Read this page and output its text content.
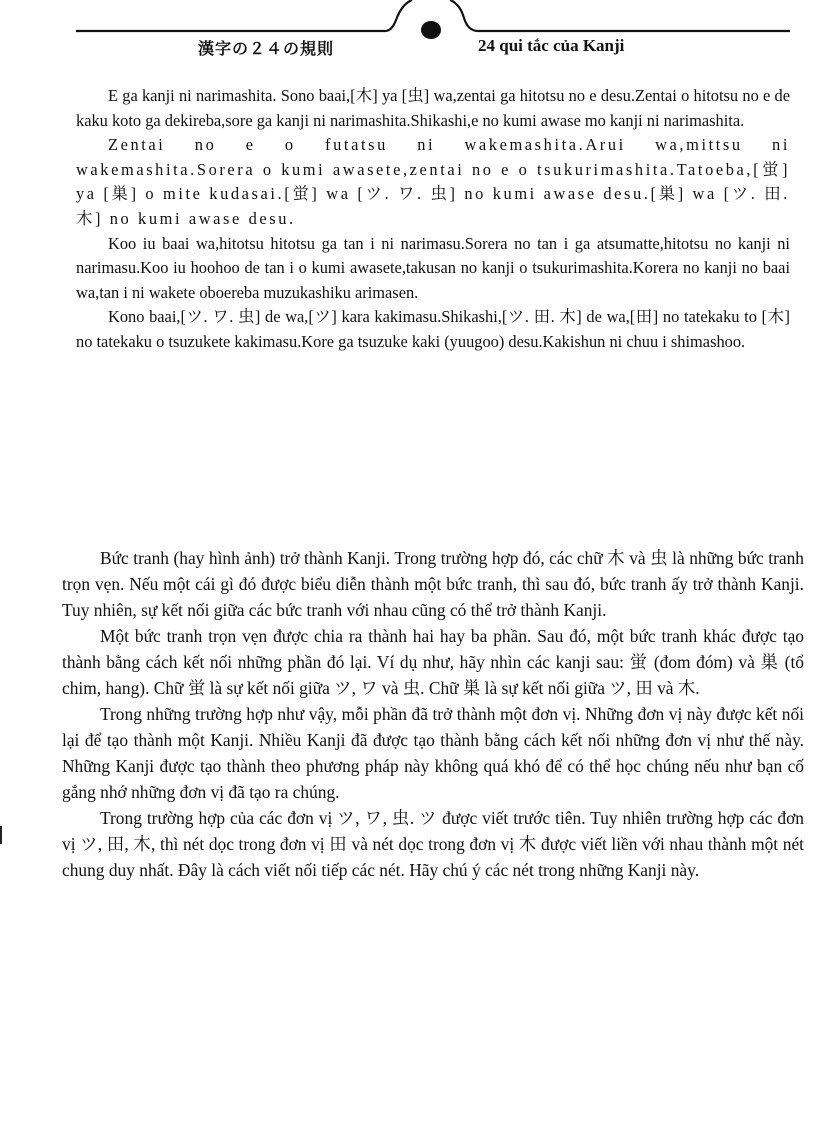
漢字の２４の規則	24 qui tắc của Kanji

E ga kanji ni narimashita. Sono baai,[木] ya [虫] wa,zentai ga hitotsu no e desu.Zentai o hitotsu no e de kaku koto ga dekireba,sore ga kanji ni narimashita.Shikashi,e no kumi awase mo kanji ni narimashita.

Zentai no e o futatsu ni wakemashita.Arui wa,mittsu ni wakemashita.Sorera o kumi awasete,zentai no e o tsukurimashita.Tatoeba,[蛍] ya [巣] o mite kudasai.[蛍] wa [ツ. ワ. 虫] no kumi awase desu.[巣] wa [ツ. 田. 木] no kumi awase desu.

Koo iu baai wa,hitotsu hitotsu ga tan i ni narimasu.Sorera no tan i ga atsumatte,hitotsu no kanji ni narimasu.Koo iu hoohoo de tan i o kumi awasete,takusan no kanji o tsukurimashita.Korera no kanji no baai wa,tan i ni wakete oboereba muzukashiku arimasen.

Kono baai,[ツ. ワ. 虫] de wa,[ツ] kara kakimasu.Shikashi,[ツ. 田. 木] de wa,[田] no tatekaku to [木] no tatekaku o tsuzukete kakimasu.Kore ga tsuzuke kaki (yuugoo) desu.Kakishun ni chuu i shimashoo.

Bức tranh (hay hình ảnh) trở thành Kanji. Trong trường hợp đó, các chữ 木 và 虫 là những bức tranh trọn vẹn. Nếu một cái gì đó được biểu diễn thành một bức tranh, thì sau đó, bức tranh ấy trở thành Kanji. Tuy nhiên, sự kết nối giữa các bức tranh với nhau cũng có thể trở thành Kanji.

Một bức tranh trọn vẹn được chia ra thành hai hay ba phần. Sau đó, một bức tranh khác được tạo thành bằng cách kết nối những phần đó lại. Ví dụ như, hãy nhìn các kanji sau: 蛍 (đom đóm) và 巣 (tổ chim, hang). Chữ 蛍 là sự kết nối giữa ツ, ワ và 虫. Chữ 巣 là sự kết nối giữa ツ, 田 và 木.

Trong những trường hợp như vậy, mỗi phần đã trở thành một đơn vị. Những đơn vị này được kết nối lại để tạo thành một Kanji. Nhiều Kanji đã được tạo thành bằng cách kết nối những đơn vị như thế này. Những Kanji được tạo thành theo phương pháp này không quá khó để có thể học chúng nếu như bạn cố gắng nhớ những đơn vị đã tạo ra chúng.

Trong trường hợp của các đơn vị ツ, ワ, 虫. ツ được viết trước tiên. Tuy nhiên trường hợp các đơn vị ツ, 田, 木, thì nét dọc trong đơn vị 田 và nét dọc trong đơn vị 木 được viết liền với nhau thành một nét chung duy nhất. Đây là cách viết nối tiếp các nét. Hãy chú ý các nét trong những Kanji này.
